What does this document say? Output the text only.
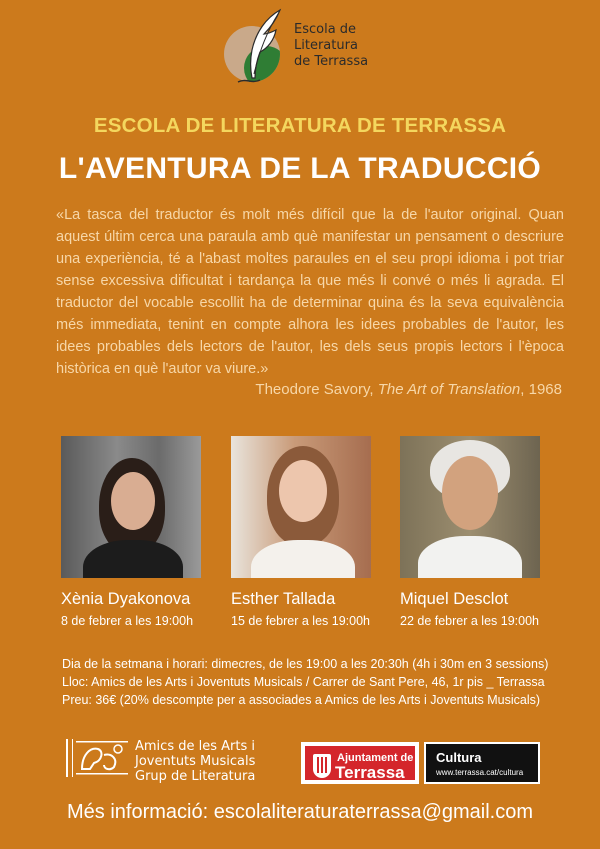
Escola de
Literatura
de Terrassa
ESCOLA DE LITERATURA DE TERRASSA
L'AVENTURA DE LA TRADUCCIÓ
«La tasca del traductor és molt més difícil que la de l'autor original. Quan aquest últim cerca una paraula amb què manifestar un pensament o descriure una experiència, té a l'abast moltes paraules en el seu propi idioma i pot triar sense excessiva dificultat i tardança la que més li convé o més li agrada. El traductor del vocable escollit ha de determinar quina és la seva equivalència més immediata, tenint en compte alhora les idees probables de l'autor, les idees probables dels lectors de l'autor, les dels seus propis lectors i l'època històrica en què l'autor va viure.»
Theodore Savory, The Art of Translation, 1968
Xènia Dyakonova
8 de febrer a les 19:00h
Esther Tallada
15 de febrer a les 19:00h
Miquel Desclot
22 de febrer a les 19:00h
Dia de la setmana i horari: dimecres, de les 19:00 a les 20:30h (4h i 30m en 3 sessions)
Lloc: Amics de les Arts i Joventuts Musicals / Carrer de Sant Pere, 46, 1r pis _ Terrassa
Preu: 36€ (20% descompte per a associades a Amics de les Arts i Joventuts Musicals)
Amics de les Arts i
Joventuts Musicals
Grup de Literatura
Ajuntament de
Terrassa
Cultura
www.terrassa.cat/cultura
Més informació: escolaliteraturaterrassa@gmail.com
